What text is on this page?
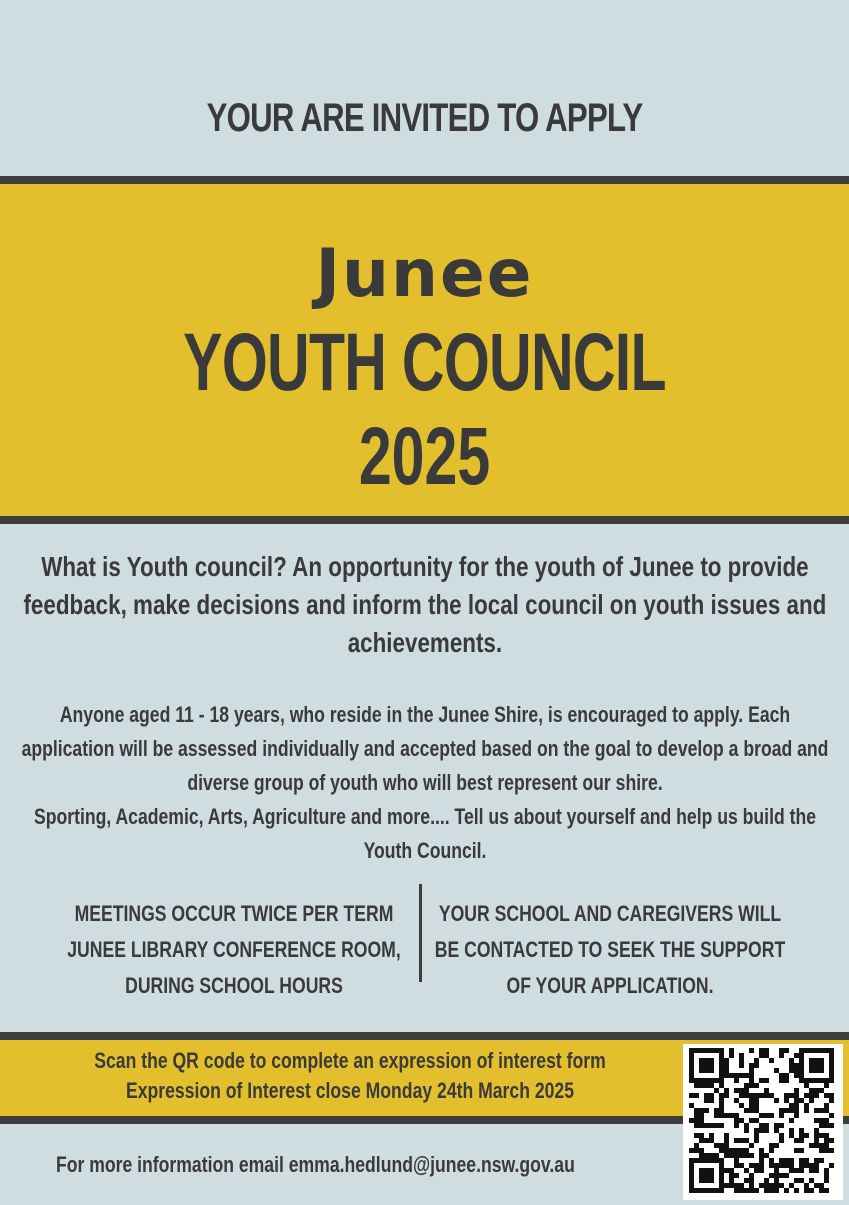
YOUR ARE INVITED TO APPLY
Junee
YOUTH COUNCIL
2025
What is Youth council? An opportunity for the youth of Junee to provide feedback, make decisions and inform the local council on youth issues and achievements.
Anyone aged 11 - 18 years, who reside in the Junee Shire, is encouraged to apply. Each application will be assessed individually and accepted based on the goal to develop a broad and diverse group of youth who will best represent our shire.
Sporting, Academic, Arts, Agriculture and more.... Tell us about yourself and help us build the Youth Council.
MEETINGS OCCUR TWICE PER TERM
JUNEE LIBRARY CONFERENCE ROOM,
DURING SCHOOL HOURS
YOUR SCHOOL AND CAREGIVERS WILL
BE CONTACTED TO SEEK THE SUPPORT
OF YOUR APPLICATION.
Scan the QR code to complete an expression of interest form
Expression of Interest close Monday 24th March 2025
For more information email emma.hedlund@junee.nsw.gov.au
